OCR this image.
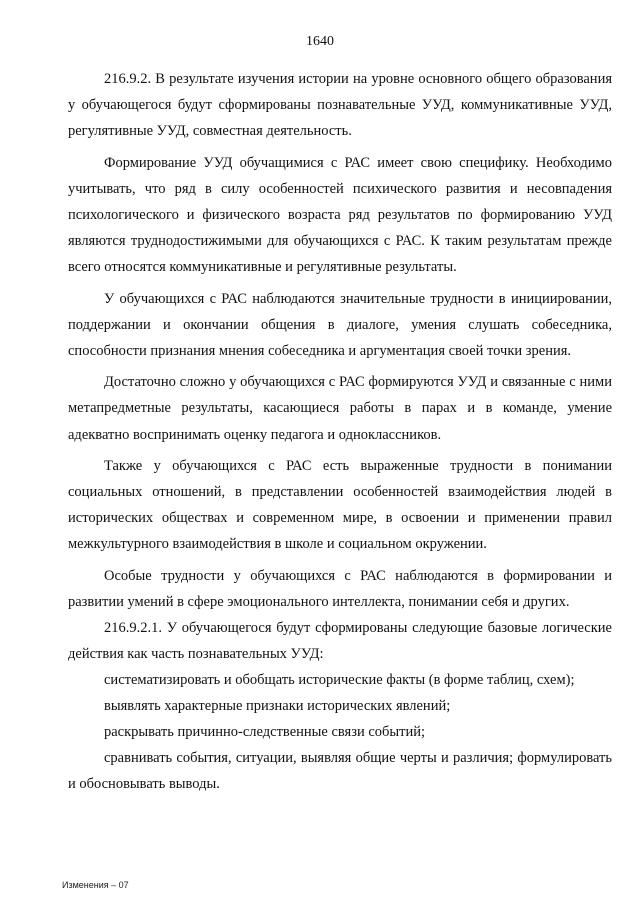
1640

216.9.2. В результате изучения истории на уровне основного общего образования у обучающегося будут сформированы познавательные УУД, коммуникативные УУД, регулятивные УУД, совместная деятельность.

Формирование УУД обучащимися с РАС имеет свою специфику. Необходимо учитывать, что ряд в силу особенностей психического развития и несовпадения психологического и физического возраста ряд результатов по формированию УУД являются труднодостижимыми для обучающихся с РАС. К таким результатам прежде всего относятся коммуникативные и регулятивные результаты.

У обучающихся с РАС наблюдаются значительные трудности в инициировании, поддержании и окончании общения в диалоге, умения слушать собеседника, способности признания мнения собеседника и аргументация своей точки зрения.

Достаточно сложно у обучающихся с РАС формируются УУД и связанные с ними метапредметные результаты, касающиеся работы в парах и в команде, умение адекватно воспринимать оценку педагога и одноклассников.

Также у обучающихся с РАС есть выраженные трудности в понимании социальных отношений, в представлении особенностей взаимодействия людей в исторических обществах и современном мире, в освоении и применении правил межкультурного взаимодействия в школе и социальном окружении.

Особые трудности у обучающихся с РАС наблюдаются в формировании и развитии умений в сфере эмоционального интеллекта, понимании себя и других.

216.9.2.1. У обучающегося будут сформированы следующие базовые логические действия как часть познавательных УУД:

систематизировать и обобщать исторические факты (в форме таблиц, схем);

выявлять характерные признаки исторических явлений;

раскрывать причинно-следственные связи событий;

сравнивать события, ситуации, выявляя общие черты и различия; формулировать и обосновывать выводы.

Изменения – 07
